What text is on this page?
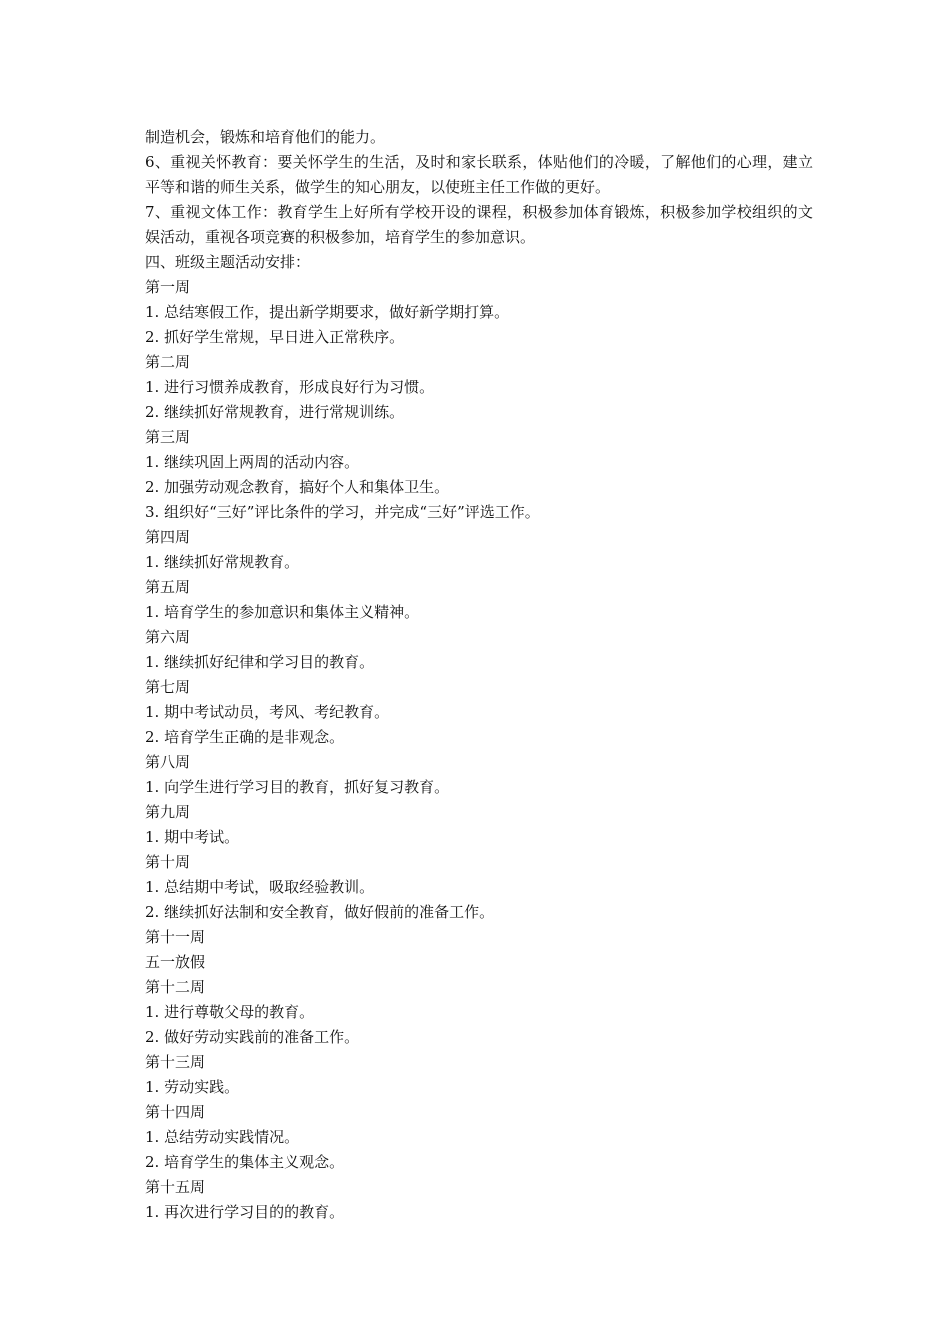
制造机会，锻炼和培育他们的能力。

6、重视关怀教育：要关怀学生的生活，及时和家长联系，体贴他们的冷暖，了解他们的心理，建立平等和谐的师生关系，做学生的知心朋友，以使班主任工作做的更好。

7、重视文体工作：教育学生上好所有学校开设的课程，积极参加体育锻炼，积极参加学校组织的文娱活动，重视各项竞赛的积极参加，培育学生的参加意识。

四、班级主题活动安排：

第一周

1. 总结寒假工作，提出新学期要求，做好新学期打算。

2. 抓好学生常规，早日进入正常秩序。

第二周

1. 进行习惯养成教育，形成良好行为习惯。

2. 继续抓好常规教育，进行常规训练。

第三周

1. 继续巩固上两周的活动内容。

2. 加强劳动观念教育，搞好个人和集体卫生。

3. 组织好“三好”评比条件的学习，并完成“三好”评选工作。

第四周

1. 继续抓好常规教育。

第五周

1. 培育学生的参加意识和集体主义精神。

第六周

1. 继续抓好纪律和学习目的教育。

第七周

1. 期中考试动员，考风、考纪教育。

2. 培育学生正确的是非观念。

第八周

1. 向学生进行学习目的教育，抓好复习教育。

第九周

1. 期中考试。

第十周

1. 总结期中考试，吸取经验教训。

2. 继续抓好法制和安全教育，做好假前的准备工作。

第十一周

五一放假

第十二周

1. 进行尊敬父母的教育。

2. 做好劳动实践前的准备工作。

第十三周

1. 劳动实践。

第十四周

1. 总结劳动实践情况。

2. 培育学生的集体主义观念。

第十五周

1. 再次进行学习目的的教育。
